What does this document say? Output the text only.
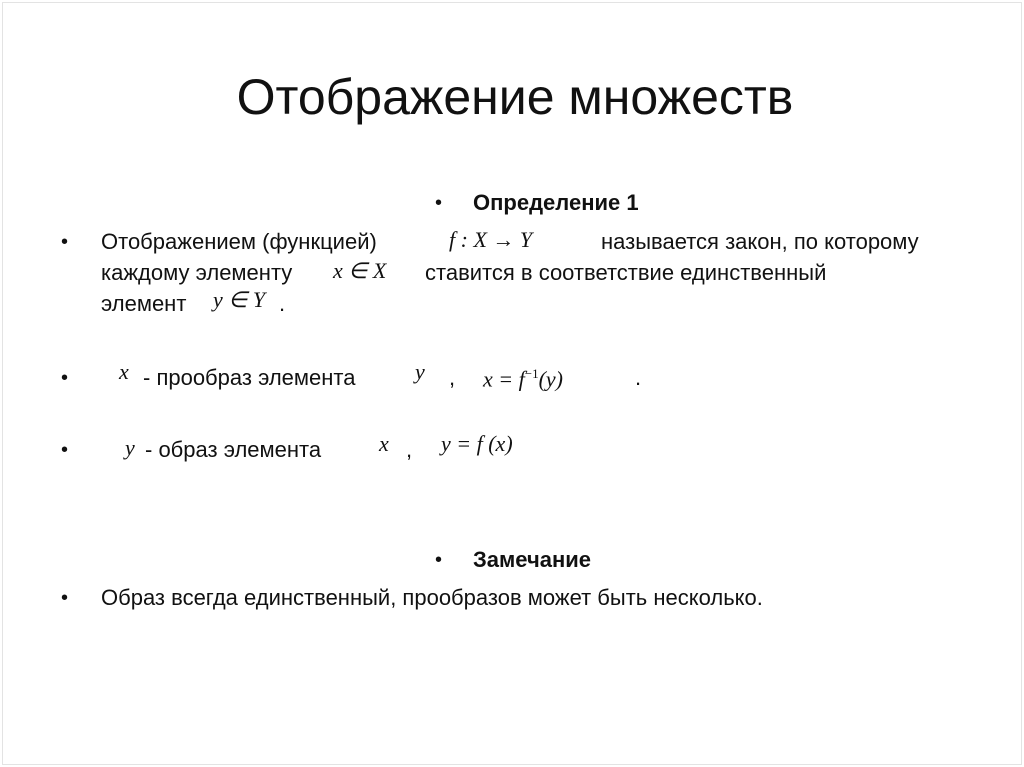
Отображение множеств
• Определение 1
• Отображением (функцией)	f : X → Y	называется закон, по которому
каждому элементу x ∈ X ставится в соответствие единственный
элемент y ∈ Y .
• x - прообраз элемента	y , $x = f^{-1}(y)$	.
•	y - образ элемента	x , y = f (x)
• Замечание
• Образ всегда единственный, прообразов может быть несколько.
